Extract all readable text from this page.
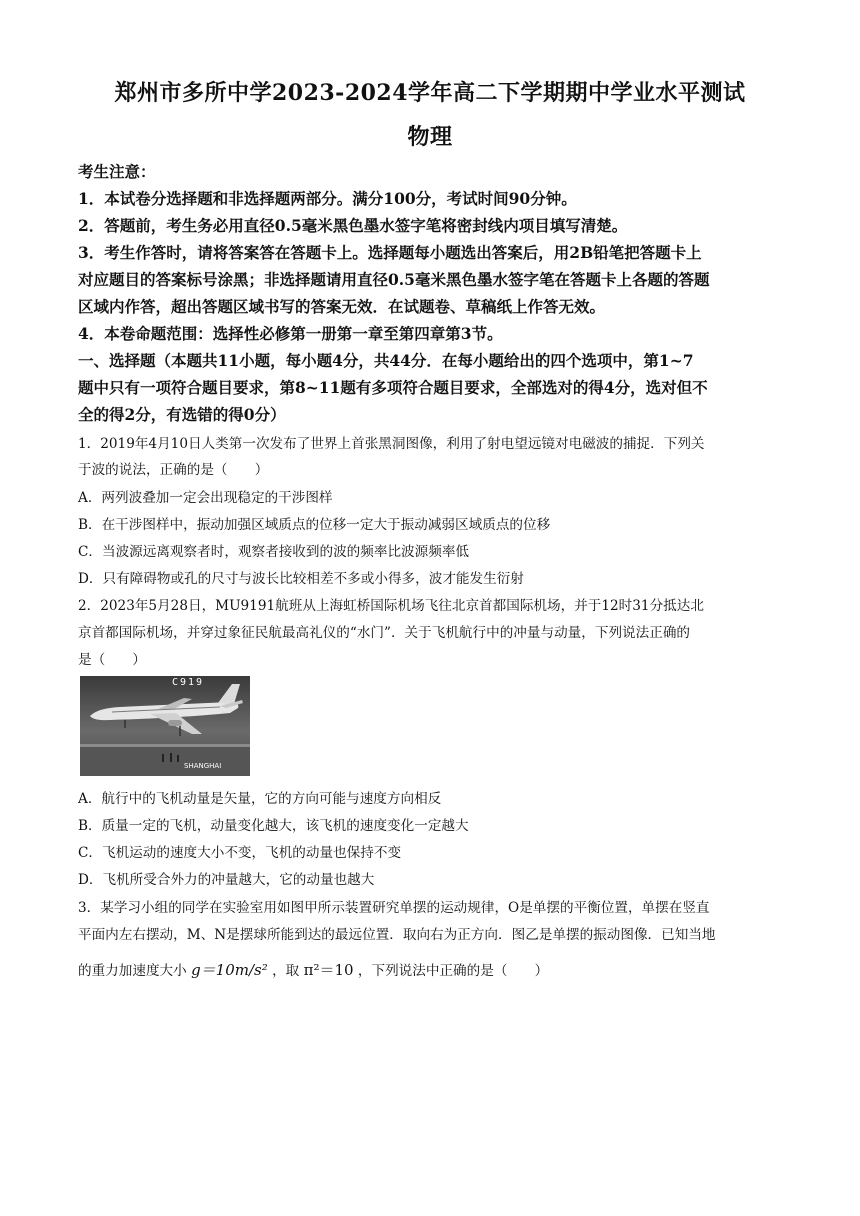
郑州市多所中学2023-2024学年高二下学期期中学业水平测试
物理
考生注意：
1．本试卷分选择题和非选择题两部分。满分100分，考试时间90分钟。
2．答题前，考生务必用直径0.5毫米黑色墨水签字笔将密封线内项目填写清楚。
3．考生作答时，请将答案答在答题卡上。选择题每小题选出答案后，用2B铅笔把答题卡上
对应题目的答案标号涂黑；非选择题请用直径0.5毫米黑色墨水签字笔在答题卡上各题的答题
区域内作答，超出答题区域书写的答案无效．在试题卷、草稿纸上作答无效。
4．本卷命题范围：选择性必修第一册第一章至第四章第3节。
一、选择题（本题共11小题，每小题4分，共44分．在每小题给出的四个选项中，第1~7
题中只有一项符合题目要求，第8~11题有多项符合题目要求，全部选对的得4分，选对但不
全的得2分，有选错的得0分）
1．2019年4月10日人类第一次发布了世界上首张黑洞图像，利用了射电望远镜对电磁波的捕捉．下列关
于波的说法，正确的是（　　）
A．两列波叠加一定会出现稳定的干涉图样
B．在干涉图样中，振动加强区域质点的位移一定大于振动减弱区域质点的位移
C．当波源远离观察者时，观察者接收到的波的频率比波源频率低
D．只有障碍物或孔的尺寸与波长比较相差不多或小得多，波才能发生衍射
2．2023年5月28日，MU9191航班从上海虹桥国际机场飞往北京首都国际机场，并于12时31分抵达北
京首都国际机场，并穿过象征民航最高礼仪的“水门”．关于飞机航行中的冲量与动量，下列说法正确的
是（　　）
C919
SHANGHAI
A．航行中的飞机动量是矢量，它的方向可能与速度方向相反
B．质量一定的飞机，动量变化越大，该飞机的速度变化一定越大
C．飞机运动的速度大小不变，飞机的动量也保持不变
D．飞机所受合外力的冲量越大，它的动量也越大
3．某学习小组的同学在实验室用如图甲所示装置研究单摆的运动规律，O是单摆的平衡位置，单摆在竖直
平面内左右摆动，M、N是摆球所能到达的最远位置．取向右为正方向．图乙是单摆的振动图像．已知当地
的重力加速度大小 g＝10m/s² ，取 π²＝10 ，下列说法中正确的是（　　）
